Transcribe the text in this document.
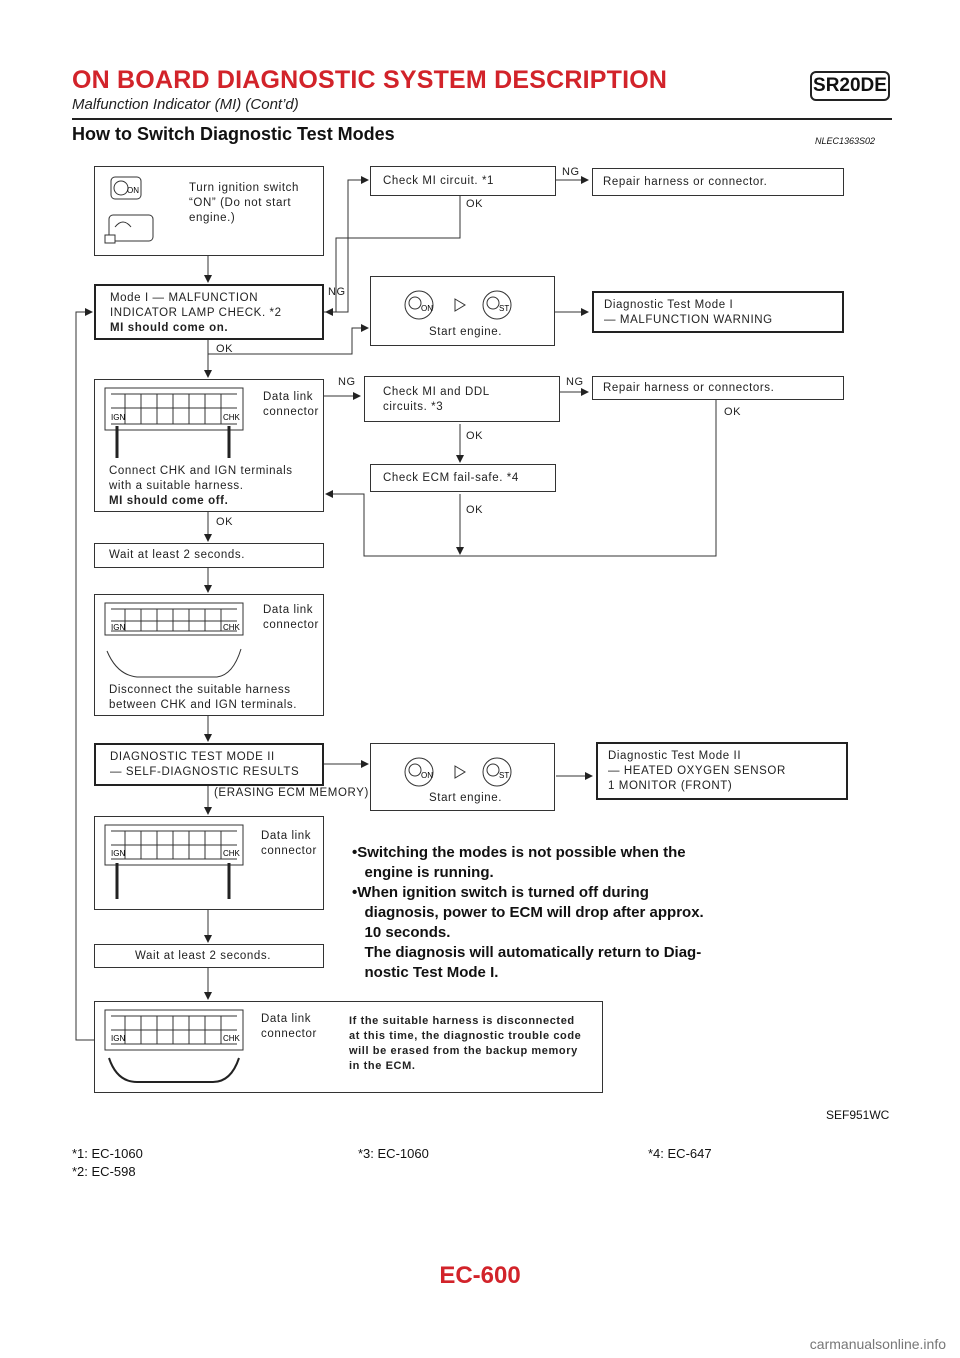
ON BOARD DIAGNOSTIC SYSTEM DESCRIPTION	SR20DE
Malfunction Indicator (MI) (Cont’d)
How to Switch Diagnostic Test Modes	NLEC1363S02
ON	Turn ignition switch
“ON” (Do not start
engine.)
Check MI circuit. *1
NG
OK
Repair harness or connector.
Mode I — MALFUNCTION
INDICATOR LAMP CHECK. *2
MI should come on.
NG
OK
ON	ST
Start engine.
Diagnostic Test Mode I
— MALFUNCTION WARNING
IGN	CHK
Data link
connector
Connect CHK and IGN terminals
with a suitable harness.
MI should come off.
NG
OK
Check MI and DDL
circuits. *3
NG
OK
Repair harness or connectors.
OK
Check ECM fail-safe. *4
OK
Wait at least 2 seconds.
IGN	CHK
Data link
connector
Disconnect the suitable harness
between CHK and IGN terminals.
DIAGNOSTIC TEST MODE II
— SELF-DIAGNOSTIC RESULTS
(ERASING ECM MEMORY)
ON	ST
Start engine.
Diagnostic Test Mode II
— HEATED OXYGEN SENSOR
1 MONITOR (FRONT)
IGN	CHK
Data link
connector •Switching the modes is not possible when the
engine is running.
•When ignition switch is turned off during
diagnosis, power to ECM will drop after approx.
10 seconds.
The diagnosis will automatically return to Diag-
nostic Test Mode I.
Wait at least 2 seconds.
IGN	CHK
Data link
connector
If the suitable harness is disconnected
at this time, the diagnostic trouble code
will be erased from the backup memory
in the ECM.
SEF951WC
*1: EC-1060
*2: EC-598
*3: EC-1060	*4: EC-647
EC-600
carmanualsonline.info
